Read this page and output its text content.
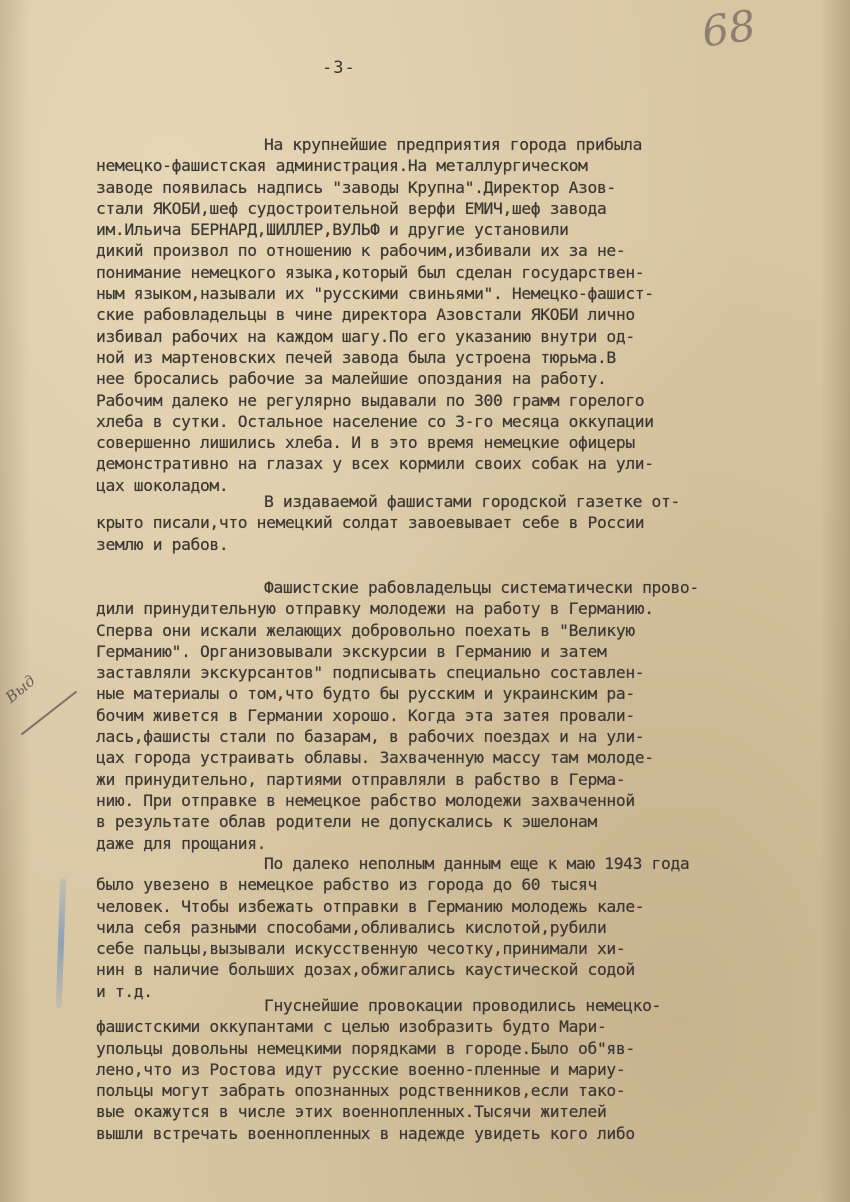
-3-
68
Выд
На крупнейшие предприятия города прибыла
немецко-фашистская администрация.На металлургическом
заводе появилась надпись "заводы Крупна".Директор Азов-
стали ЯКОБИ,шеф судостроительной верфи ЕМИЧ,шеф завода
им.Ильича БЕРНАРД,ШИЛЛЕР,ВУЛЬФ и другие установили
дикий произвол по отношению к рабочим,избивали их за не-
понимание немецкого языка,который был сделан государствен-
ным языком,называли их "русскими свиньями". Немецко-фашист-
ские рабовладельцы в чине директора Азовстали ЯКОБИ лично
избивал рабочих на каждом шагу.По его указанию внутри од-
ной из мартеновских печей завода была устроена тюрьма.В
нее бросались рабочие за малейшие опоздания на работу.
Рабочим далеко не регулярно выдавали по 300 грамм горелого
хлеба в сутки. Остальное население со 3-го месяца оккупации
совершенно лишились хлеба. И в это время немецкие офицеры
демонстративно на глазах у всех кормили своих собак на ули-
цах шоколадом.
В издаваемой фашистами городской газетке от-
крыто писали,что немецкий солдат завоевывает себе в России
землю и рабов.
Фашистские рабовладельцы систематически прово-
дили принудительную отправку молодежи на работу в Германию.
Сперва они искали желающих добровольно поехать в "Великую
Германию". Организовывали экскурсии в Германию и затем
заставляли экскурсантов" подписывать специально составлен-
ные материалы о том,что будто бы русским и украинским ра-
бочим живется в Германии хорошо. Когда эта затея провали-
лась,фашисты стали по базарам, в рабочих поездах и на ули-
цах города устраивать облавы. Захваченную массу там молоде-
жи принудительно, партиями отправляли в рабство в Герма-
нию. При отправке в немецкое рабство молодежи захваченной
в результате облав родители не допускались к эшелонам
даже для прощания.
По далеко неполным данным еще к маю 1943 года
было увезено в немецкое рабство из города до 60 тысяч
человек. Чтобы избежать отправки в Германию молодежь кале-
чила себя разными способами,обливались кислотой,рубили
себе пальцы,вызывали искусственную чесотку,принимали хи-
нин в наличие больших дозах,обжигались каустической содой
и т.д.
Гнуснейшие провокации проводились немецко-
фашистскими оккупантами с целью изобразить будто Мари-
упольцы довольны немецкими порядками в городе.Было об"яв-
лено,что из Ростова идут русские военно-пленные и мариу-
польцы могут забрать опознанных родственников,если тако-
вые окажутся в числе этих военнопленных.Тысячи жителей
вышли встречать военнопленных в надежде увидеть кого либо
